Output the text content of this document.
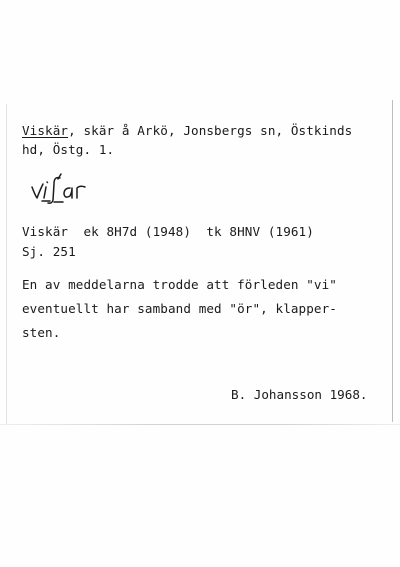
Viskär, skär å Arkö, Jonsbergs sn, Östkinds
hd, Östg. 1.
Viskär  ek 8H7d (1948)  tk 8HNV (1961)
Sj. 251
En av meddelarna trodde att förleden "vi"
eventuellt har samband med "ör", klapper-
sten.
B. Johansson 1968.
